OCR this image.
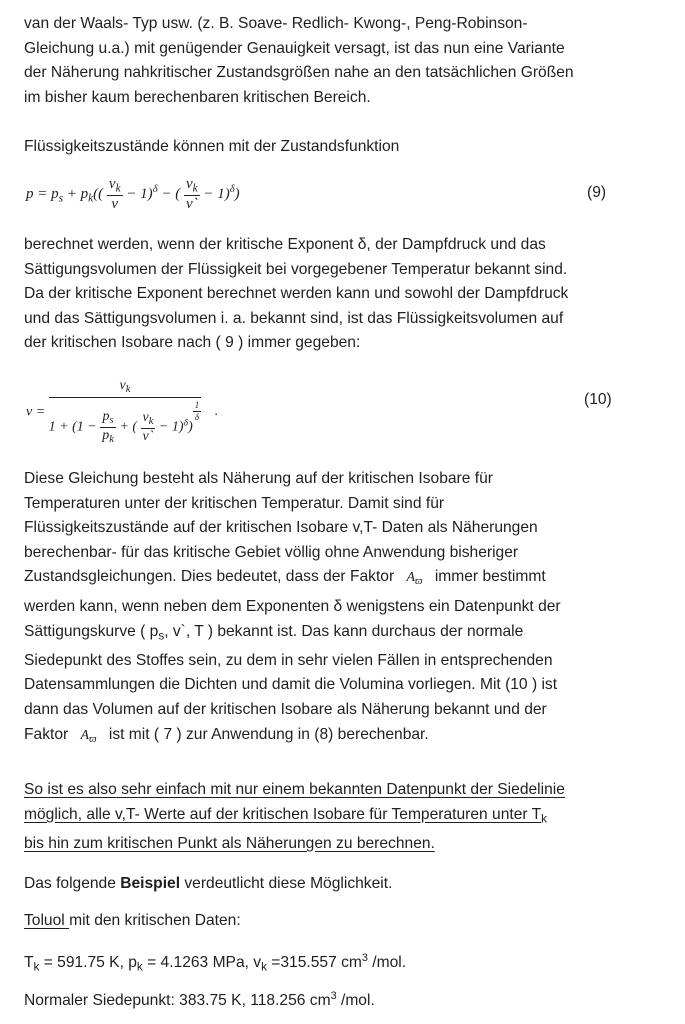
van der Waals- Typ usw. (z. B. Soave- Redlich- Kwong-, Peng-Robinson-
Gleichung u.a.) mit genügender Genauigkeit versagt, ist das nun eine Variante
der Näherung nahkritischer Zustandsgrößen nahe an den tatsächlichen Größen
im bisher kaum berechenbaren kritischen Bereich.

Flüssigkeitszustände können mit der Zustandsfunktion

$p = p_s + p_k(( \frac{v_k}{v} - 1)^\delta$ − ( $\frac{v_k}{v`} - 1)^\delta$)	(9)

berechnet werden, wenn der kritische Exponent δ, der Dampfdruck und das
Sättigungsvolumen der Flüssigkeit bei vorgegebener Temperatur bekannt sind.
Da der kritische Exponent berechnet werden kann und sowohl der Dampfdruck
und das Sättigungsvolumen i. a. bekannt sind, ist das Flüssigkeitsvolumen auf
der kritischen Isobare nach ( 9 ) immer gegeben:

v =
$v_k$
$1 + (1 - \frac{p_s}{p_k}$ + ( $\frac{v_k}{v`} - 1)^\delta$)
$\frac{1}{\delta}$ .
(10)

Diese Gleichung besteht als Näherung auf der kritischen Isobare für
Temperaturen unter der kritischen Temperatur. Damit sind für
Flüssigkeitszustände auf der kritischen Isobare v,T- Daten als Näherungen
berechenbar- für das kritische Gebiet völlig ohne Anwendung bisheriger
Zustandsgleichungen. Dies bedeutet, dass der Faktor $A_ϖ$ immer bestimmt
werden kann, wenn neben dem Exponenten δ wenigstens ein Datenpunkt der
Sättigungskurve ( $p_s$, v`, T ) bekannt ist. Das kann durchaus der normale
Siedepunkt des Stoffes sein, zu dem in sehr vielen Fällen in entsprechenden
Datensammlungen die Dichten und damit die Volumina vorliegen. Mit (10 ) ist
dann das Volumen auf der kritischen Isobare als Näherung bekannt und der
Faktor $A_ϖ$ ist mit ( 7 ) zur Anwendung in (8) berechenbar.

So ist es also sehr einfach mit nur einem bekannten Datenpunkt der Siedelinie
möglich, alle v,T- Werte auf der kritischen Isobare für Temperaturen unter $T_k$
bis hin zum kritischen Punkt als Näherungen zu berechnen.

Das folgende Beispiel verdeutlicht diese Möglichkeit.

Toluol mit den kritischen Daten:

$T_k = 591.75$ K, $p_k = 4.1263$ MPa, $v_k =315.557$ $cm^3$ /mol.

Normaler Siedepunkt: 383.75 K, 118.256 $cm^3$ /mol.
